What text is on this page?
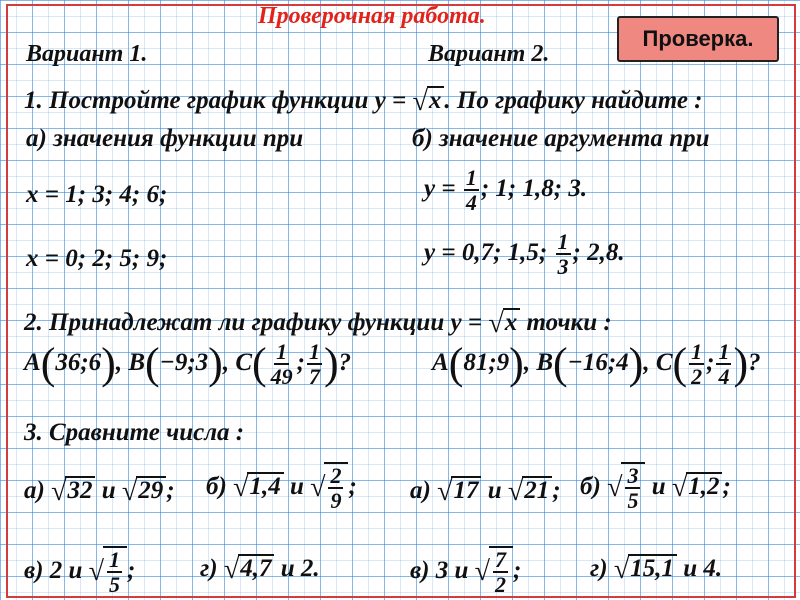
Проверочная работа.
Проверка.
Вариант 1.	Вариант 2.
1. Постройте график функции y = √x . По графику найдите :
а) значения функции при	б) значение аргумента при
x = 1; 3; 4; 6;
x = 0; 2; 5; 9;
$y = \frac{1}{4}$ ; 1; 1,8; 3.
y = 0,7; 1,5; $\frac{1}{3}$ ; 2,8.
2. Принадлежат ли графику функции y = √x точки :
A(36;6), B(−9;3), $C( \frac{1}{49}$ ; $\frac{1}{7}$ )?	A(81;9), B(−16;4), $C( \frac{1}{2}$ ; $\frac{1}{4}$ )?
3. Сравните числа :
а) √32 и √29 ; б) √1,4 и √ $\frac{2}{9}$ ;
в) 2 и √ $\frac{1}{5}$ ;	г) √4,7 и 2.
а) √17 и √21 ; б) √ $\frac{3}{5}$ и √1,2 ;
в) 3 и √ $\frac{7}{2}$ ;	г) √15,1 и 4.
